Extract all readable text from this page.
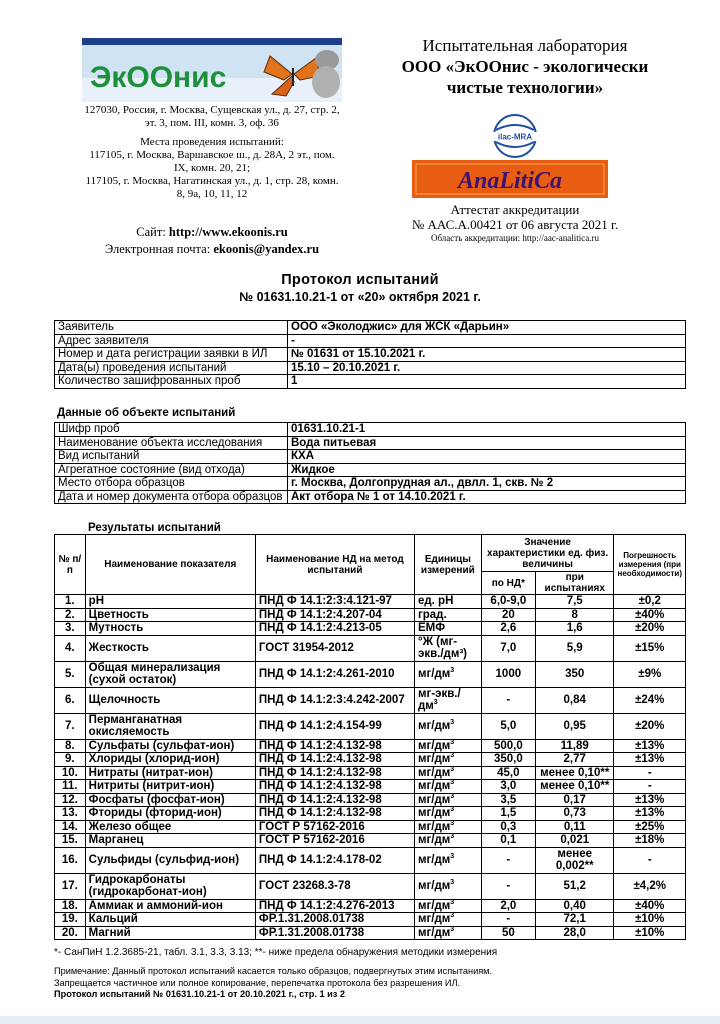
ЭкООнис
Испытательная лаборатория
ООО «ЭкООнис - экологически
чистые технологии»

127030, Россия, г. Москва, Сущевская ул., д. 27, стр. 2, эт. 3, пом. III, комн. 3, оф. 36

Места проведения испытаний:

117105, г. Москва, Варшавское ш., д. 28А, 2 эт., пом. IX, комн. 20, 21;

117105, г. Москва, Нагатинская ул., д. 1, стр. 28, комн. 8, 9а, 10, 11, 12

Сайт: http://www.ekoonis.ru
Электронная почта: ekoonis@yandex.ru
ilac-MRA
AnaLitiCa
Аттестат аккредитации
№ ААС.А.00421 от 06 августа 2021 г.
Область аккредитации: http://aac-analitica.ru
Протокол испытаний
№ 01631.10.21-1 от «20» октября 2021 г.
Заявитель	ООО «Эколоджис» для ЖСК «Дарьин»
Адрес заявителя	-
Номер и дата регистрации заявки в ИЛ	№ 01631 от 15.10.2021 г.
Дата(ы) проведения испытаний	15.10 – 20.10.2021 г.
Количество зашифрованных проб	1
Данные об объекте испытаний
Шифр проб	01631.10.21-1
Наименование объекта исследования	Вода питьевая
Вид испытаний	КХА
Агрегатное состояние (вид отхода)	Жидкое
Место отбора образцов	г. Москва, Долгопрудная ал., двлл. 1, скв. № 2
Дата и номер документа отбора образцов	Акт отбора № 1 от 14.10.2021 г.
Результаты испытаний
№ п/п	Наименование показателя	Наименование НД на метод испытаний	Единицы измерений	Значение характеристики ед. физ. величины		Погрешность измерения (при необходимости)
				по НД*	при испытаниях	
1.	pH	ПНД Ф 14.1:2:3:4.121-97	ед. pH	6,0-9,0	7,5	±0,2
2.	Цветность	ПНД Ф 14.1:2:4.207-04	град.	20	8	±40%
3.	Мутность	ПНД Ф 14.1:2:4.213-05	ЕМФ	2,6	1,6	±20%
4.	Жесткость	ГОСТ 31954-2012	°Ж (мг-экв./дм³)	7,0	5,9	±15%
5.	Общая минерализация (сухой остаток)	ПНД Ф 14.1:2:4.261-2010	$мг/дм^3$	1000	350	±9%
6.	Щелочность	ПНД Ф 14.1:2:3:4.242-2007	$мг-экв./дм^3$	-	0,84	±24%
7.	Перманганатная окисляемость	ПНД Ф 14.1:2:4.154-99	$мг/дм^3$	5,0	0,95	±20%
8.	Сульфаты (сульфат-ион)	ПНД Ф 14.1:2:4.132-98	$мг/дм^3$	500,0	11,89	±13%
9.	Хлориды (хлорид-ион)	ПНД Ф 14.1:2:4.132-98	$мг/дм^3$	350,0	2,77	±13%
10.	Нитраты (нитрат-ион)	ПНД Ф 14.1:2:4.132-98	$мг/дм^3$	45,0	менее 0,10**	-
11.	Нитриты (нитрит-ион)	ПНД Ф 14.1:2:4.132-98	$мг/дм^3$	3,0	менее 0,10**	-
12.	Фосфаты (фосфат-ион)	ПНД Ф 14.1:2:4.132-98	$мг/дм^3$	3,5	0,17	±13%
13.	Фториды (фторид-ион)	ПНД Ф 14.1:2:4.132-98	$мг/дм^3$	1,5	0,73	±13%
14.	Железо общее	ГОСТ Р 57162-2016	$мг/дм^3$	0,3	0,11	±25%
15.	Марганец	ГОСТ Р 57162-2016	$мг/дм^3$	0,1	0,021	±18%
16.	Сульфиды (сульфид-ион)	ПНД Ф 14.1:2:4.178-02	$мг/дм^3$	-	менее 0,002**	-
17.	Гидрокарбонаты (гидрокарбонат-ион)	ГОСТ 23268.3-78	$мг/дм^3$	-	51,2	±4,2%
18.	Аммиак и аммоний-ион	ПНД Ф 14.1:2:4.276-2013	$мг/дм^3$	2,0	0,40	±40%
19.	Кальций	ФР.1.31.2008.01738	$мг/дм^3$	-	72,1	±10%
20.	Магний	ФР.1.31.2008.01738	$мг/дм^3$	50	28,0	±10%
*- СанПиН 1.2.3685-21, табл. 3.1, 3.3, 3.13; **- ниже предела обнаружения методики измерения
Примечание: Данный протокол испытаний касается только образцов, подвергнутых этим испытаниям.
Запрещается частичное или полное копирование, перепечатка протокола без разрешения ИЛ.
Протокол испытаний № 01631.10.21-1 от 20.10.2021 г., стр. 1 из 2
